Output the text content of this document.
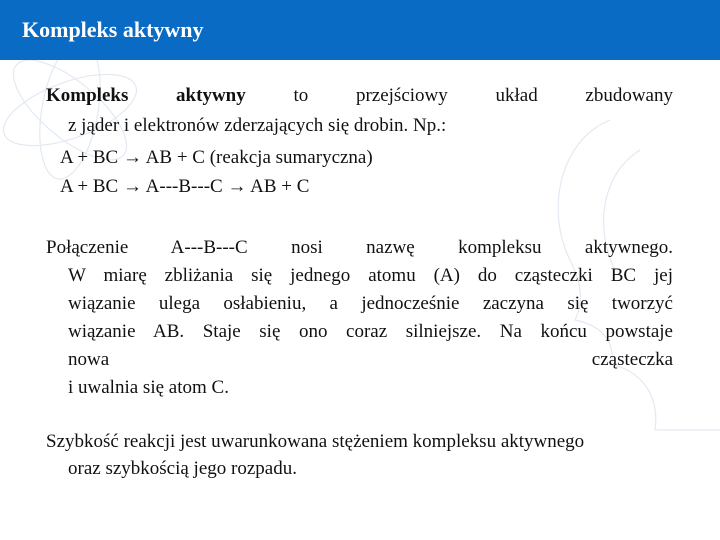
Kompleks aktywny
Kompleks aktywny	to przejściowy układ zbudowany
z jąder i elektronów zderzających się drobin. Np.:
A + BC → AB + C (reakcja sumaryczna)
A + BC → A---B---C → AB + C
Połączenie A---B---C nosi nazwę kompleksu aktywnego.
W miarę zbliżania się jednego atomu (A) do cząsteczki BC jej
wiązanie ulega osłabieniu, a jednocześnie zaczyna się tworzyć
wiązanie AB. Staje się ono coraz silniejsze. Na końcu powstaje
nowa cząsteczka
i uwalnia się atom C.
Szybkość reakcji jest uwarunkowana stężeniem kompleksu aktywnego
oraz szybkością jego rozpadu.
